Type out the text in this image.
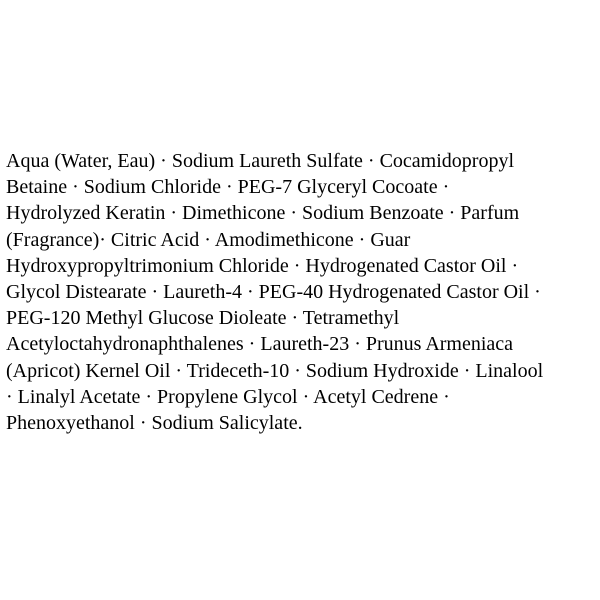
Aqua (Water, Eau) · Sodium Laureth Sulfate · Cocamidopropyl
Betaine · Sodium Chloride · PEG-7 Glyceryl Cocoate ·
Hydrolyzed Keratin · Dimethicone · Sodium Benzoate · Parfum
(Fragrance)· Citric Acid · Amodimethicone · Guar
Hydroxypropyltrimonium Chloride · Hydrogenated Castor Oil ·
Glycol Distearate · Laureth-4 · PEG-40 Hydrogenated Castor Oil ·
PEG-120 Methyl Glucose Dioleate · Tetramethyl
Acetyloctahydronaphthalenes · Laureth-23 · Prunus Armeniaca
(Apricot) Kernel Oil · Trideceth-10 · Sodium Hydroxide · Linalool
· Linalyl Acetate · Propylene Glycol · Acetyl Cedrene ·
Phenoxyethanol · Sodium Salicylate.
